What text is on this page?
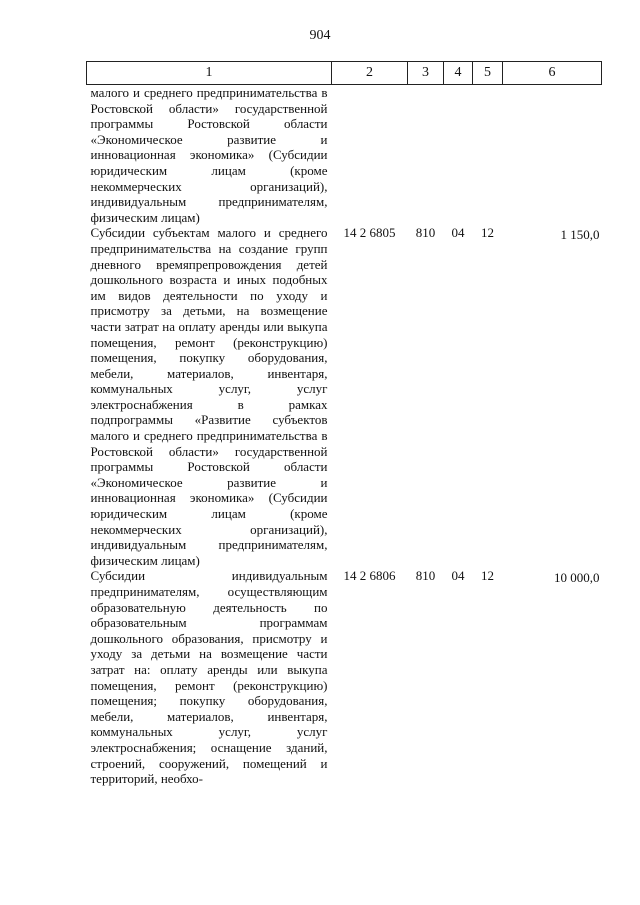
904
1	2	3	4	5	6
малого и среднего предпринимательства в Ростовской области» государственной программы Ростовской области «Экономическое развитие и инновационная экономика» (Субсидии юридическим лицам (кроме некоммерческих организаций), индивидуальным предпринимателям, физическим лицам)					
Субсидии субъектам малого и среднего предпринимательства на создание групп дневного времяпрепровождения детей дошкольного возраста и иных подобных им видов деятельности по уходу и присмотру за детьми, на возмещение части затрат на оплату аренды или выкупа помещения, ремонт (реконструкцию) помещения, покупку оборудования, мебели, материалов, инвентаря, коммунальных услуг, услуг электроснабжения в рамках подпрограммы «Развитие субъектов малого и среднего предпринимательства в Ростовской области» государственной программы Ростовской области «Экономическое развитие и инновационная экономика» (Субсидии юридическим лицам (кроме некоммерческих организаций), индивидуальным предпринимателям, физическим лицам)	14 2 6805	810	04	12	1 150,0
Субсидии индивидуальным предпринимателям, осуществляющим образовательную деятельность по образовательным программам дошкольного образования, присмотру и уходу за детьми на возмещение части затрат на: оплату аренды или выкупа помещения, ремонт (реконструкцию) помещения; покупку оборудования, мебели, материалов, инвентаря, коммунальных услуг, услуг электроснабжения; оснащение зданий, строений, сооружений, помещений и территорий, необхо-	14 2 6806	810	04	12	10 000,0
